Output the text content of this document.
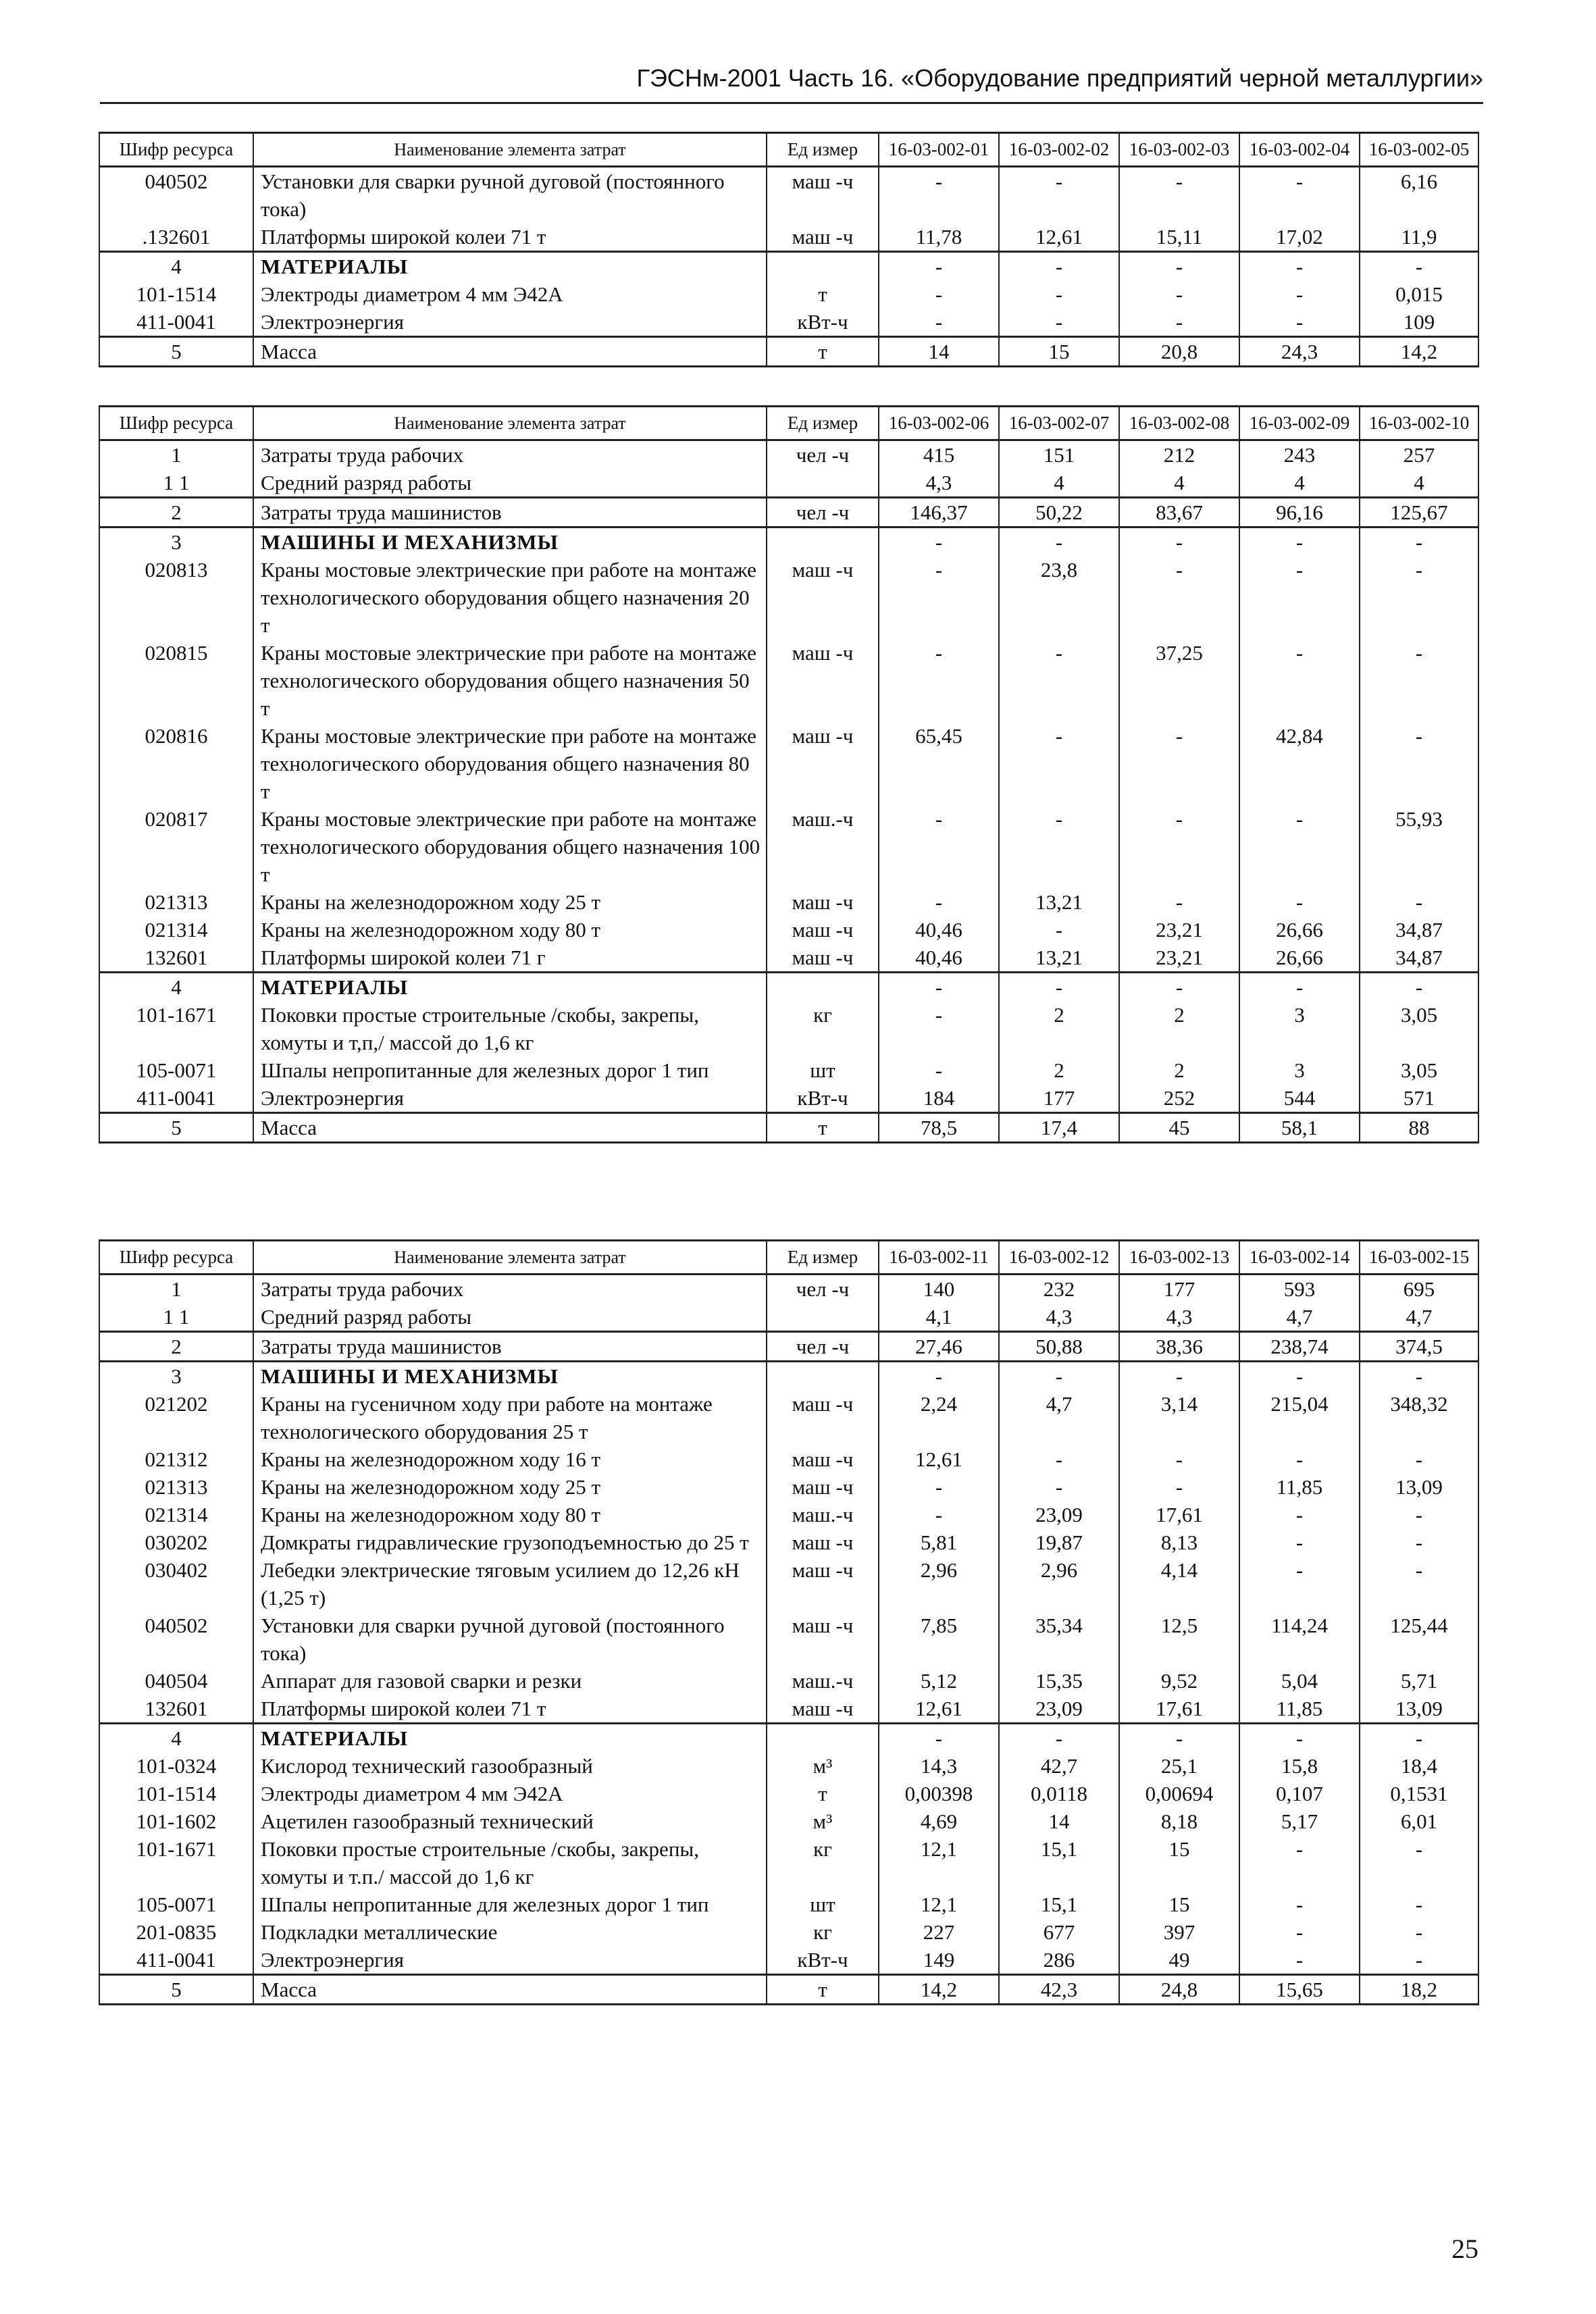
ГЭСНм-2001 Часть 16. «Оборудование предприятий черной металлургии»
Шифр ресурса	Наименование элемента затрат	Ед измер	16-03-002-01	16-03-002-02	16-03-002-03	16-03-002-04	16-03-002-05
040502	Установки для сварки ручной дуговой (постоянного тока)	маш -ч	-	-	-	-	6,16
.132601	Платформы широкой колеи 71 т	маш -ч	11,78	12,61	15,11	17,02	11,9
4	МАТЕРИАЛЫ		-	-	-	-	-
101-1514	Электроды диаметром 4 мм Э42А	т	-	-	-	-	0,015
411-0041	Электроэнергия	кВт-ч	-	-	-	-	109
5	Масса	т	14	15	20,8	24,3	14,2
Шифр ресурса	Наименование элемента затрат	Ед измер	16-03-002-06	16-03-002-07	16-03-002-08	16-03-002-09	16-03-002-10
1	Затраты труда рабочих	чел -ч	415	151	212	243	257
1 1	Средний разряд работы		4,3	4	4	4	4
2	Затраты труда машинистов	чел -ч	146,37	50,22	83,67	96,16	125,67
3	МАШИНЫ И МЕХАНИЗМЫ		-	-	-	-	-
020813	Краны мостовые электрические при работе на монтаже технологического оборудования общего назначения 20 т	маш -ч	-	23,8	-	-	-
020815	Краны мостовые электрические при работе на монтаже технологического оборудования общего назначения 50 т	маш -ч	-	-	37,25	-	-
020816	Краны мостовые электрические при работе на монтаже технологического оборудования общего назначения 80 т	маш -ч	65,45	-	-	42,84	-
020817	Краны мостовые электрические при работе на монтаже технологического оборудования общего назначения 100 т	маш.-ч	-	-	-	-	55,93
021313	Краны на железнодорожном ходу 25 т	маш -ч	-	13,21	-	-	-
021314	Краны на железнодорожном ходу 80 т	маш -ч	40,46	-	23,21	26,66	34,87
132601	Платформы широкой колеи 71 г	маш -ч	40,46	13,21	23,21	26,66	34,87
4	МАТЕРИАЛЫ		-	-	-	-	-
101-1671	Поковки простые строительные /скобы, закрепы, хомуты и т,п,/ массой до 1,6 кг	кг	-	2	2	3	3,05
105-0071	Шпалы непропитанные для железных дорог 1 тип	шт	-	2	2	3	3,05
411-0041	Электроэнергия	кВт-ч	184	177	252	544	571
5	Масса	т	78,5	17,4	45	58,1	88
Шифр ресурса	Наименование элемента затрат	Ед измер	16-03-002-11	16-03-002-12	16-03-002-13	16-03-002-14	16-03-002-15
1	Затраты труда рабочих	чел -ч	140	232	177	593	695
1 1	Средний разряд работы		4,1	4,3	4,3	4,7	4,7
2	Затраты труда машинистов	чел -ч	27,46	50,88	38,36	238,74	374,5
3	МАШИНЫ И МЕХАНИЗМЫ		-	-	-	-	-
021202	Краны на гусеничном ходу при работе на монтаже технологического оборудования 25 т	маш -ч	2,24	4,7	3,14	215,04	348,32
021312	Краны на железнодорожном ходу 16 т	маш -ч	12,61	-	-	-	-
021313	Краны на железнодорожном ходу 25 т	маш -ч	-	-	-	11,85	13,09
021314	Краны на железнодорожном ходу 80 т	маш.-ч	-	23,09	17,61	-	-
030202	Домкраты гидравлические грузоподъемностью до 25 т	маш -ч	5,81	19,87	8,13	-	-
030402	Лебедки электрические тяговым усилием до 12,26 кН (1,25 т)	маш -ч	2,96	2,96	4,14	-	-
040502	Установки для сварки ручной дуговой (постоянного тока)	маш -ч	7,85	35,34	12,5	114,24	125,44
040504	Аппарат для газовой сварки и резки	маш.-ч	5,12	15,35	9,52	5,04	5,71
132601	Платформы широкой колеи 71 т	маш -ч	12,61	23,09	17,61	11,85	13,09
4	МАТЕРИАЛЫ		-	-	-	-	-
101-0324	Кислород технический газообразный	м³	14,3	42,7	25,1	15,8	18,4
101-1514	Электроды диаметром 4 мм Э42А	т	0,00398	0,0118	0,00694	0,107	0,1531
101-1602	Ацетилен газообразный технический	м³	4,69	14	8,18	5,17	6,01
101-1671	Поковки простые строительные /скобы, закрепы, хомуты и т.п./ массой до 1,6 кг	кг	12,1	15,1	15	-	-
105-0071	Шпалы непропитанные для железных дорог 1 тип	шт	12,1	15,1	15	-	-
201-0835	Подкладки металлические	кг	227	677	397	-	-
411-0041	Электроэнергия	кВт-ч	149	286	49	-	-
5	Масса	т	14,2	42,3	24,8	15,65	18,2
25
